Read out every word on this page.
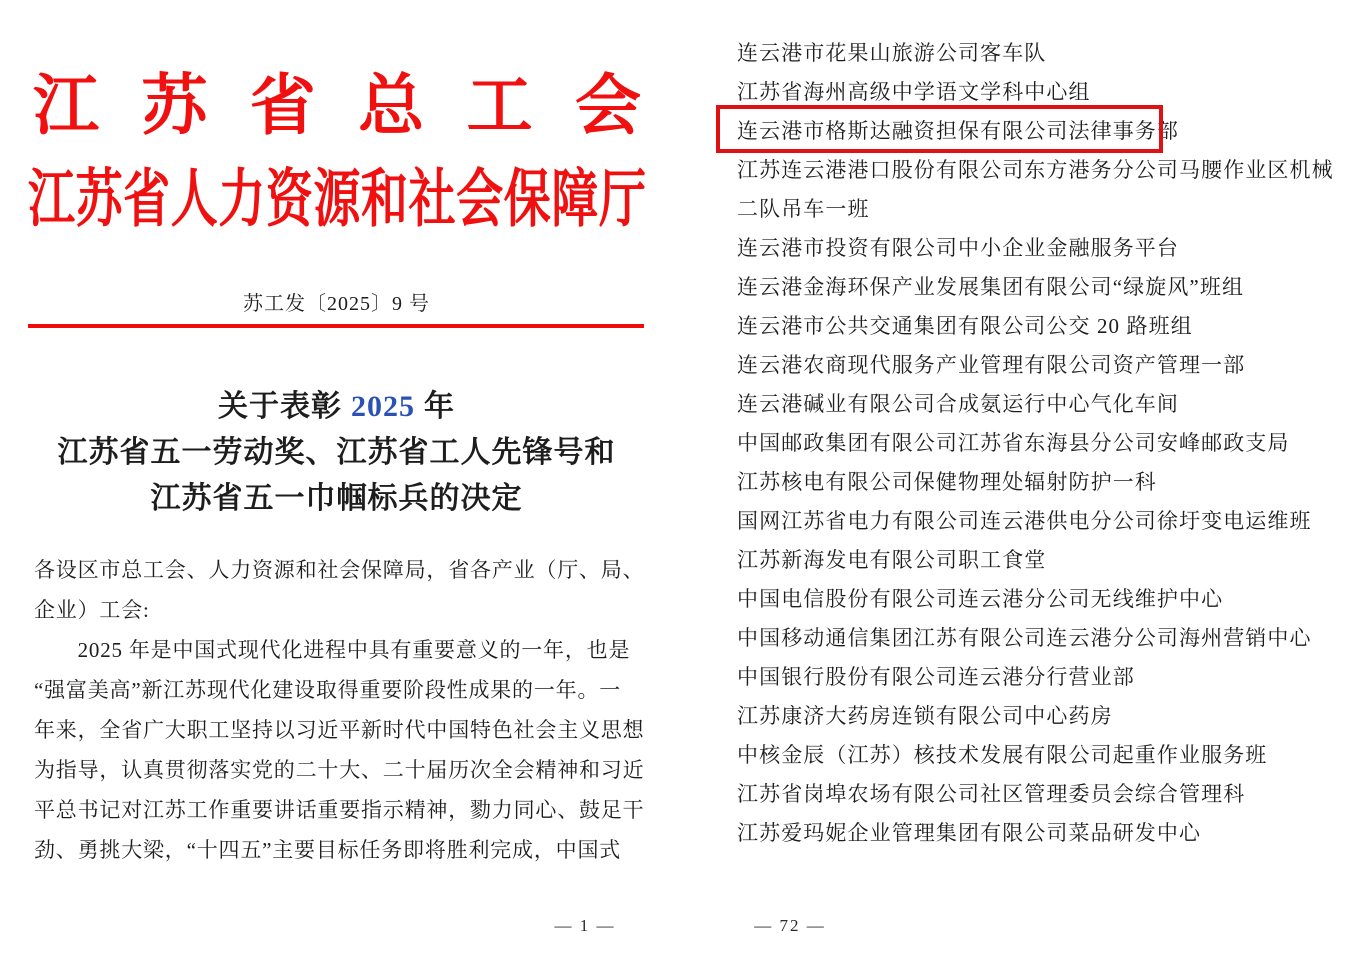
江 苏 省 总 工 会
江 苏 省 人 力 资 源 和 社 会 保 障 厅
苏工发〔2025〕9 号
关于表彰 2025 年
江苏省五一劳动奖、江苏省工人先锋号和
江苏省五一巾帼标兵的决定
各设区市总工会、人力资源和社会保障局，省各产业（厅、局、
企业）工会:
　　2025 年是中国式现代化进程中具有重要意义的一年，也是
“强富美高”新江苏现代化建设取得重要阶段性成果的一年。一
年来，全省广大职工坚持以习近平新时代中国特色社会主义思想
为指导，认真贯彻落实党的二十大、二十届历次全会精神和习近
平总书记对江苏工作重要讲话重要指示精神，勠力同心、鼓足干
劲、勇挑大梁，“十四五”主要目标任务即将胜利完成，中国式
— 1 —
连云港市花果山旅游公司客车队
江苏省海州高级中学语文学科中心组
连云港市格斯达融资担保有限公司法律事务部
江苏连云港港口股份有限公司东方港务分公司马腰作业区机械
二队吊车一班
连云港市投资有限公司中小企业金融服务平台
连云港金海环保产业发展集团有限公司“绿旋风”班组
连云港市公共交通集团有限公司公交 20 路班组
连云港农商现代服务产业管理有限公司资产管理一部
连云港碱业有限公司合成氨运行中心气化车间
中国邮政集团有限公司江苏省东海县分公司安峰邮政支局
江苏核电有限公司保健物理处辐射防护一科
国网江苏省电力有限公司连云港供电分公司徐圩变电运维班
江苏新海发电有限公司职工食堂
中国电信股份有限公司连云港分公司无线维护中心
中国移动通信集团江苏有限公司连云港分公司海州营销中心
中国银行股份有限公司连云港分行营业部
江苏康济大药房连锁有限公司中心药房
中核金辰（江苏）核技术发展有限公司起重作业服务班
江苏省岗埠农场有限公司社区管理委员会综合管理科
江苏爱玛妮企业管理集团有限公司菜品研发中心
— 72 —
